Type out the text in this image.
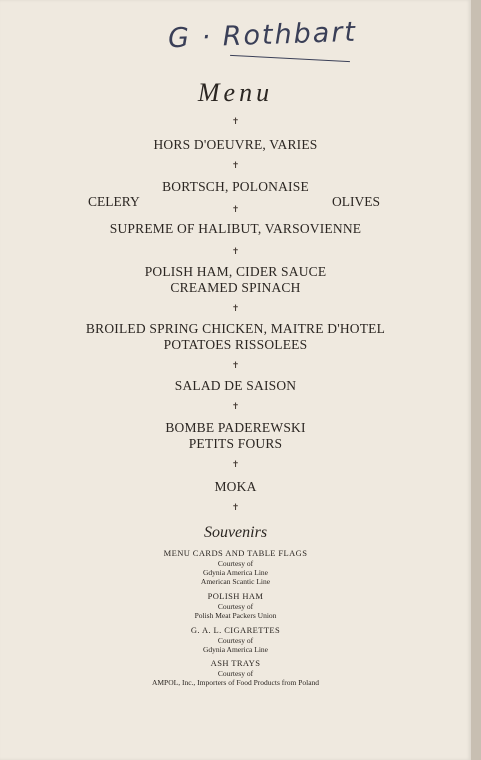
G · Rothbart
Menu
✝
HORS D'OEUVRE, VARIES
✝
BORTSCH, POLONAISE
CELERY	OLIVES
✝
SUPREME OF HALIBUT, VARSOVIENNE
✝
POLISH HAM, CIDER SAUCE
CREAMED SPINACH
✝
BROILED SPRING CHICKEN, MAITRE D'HOTEL
POTATOES RISSOLEES
✝
SALAD DE SAISON
✝
BOMBE PADEREWSKI
PETITS FOURS
✝
MOKA
✝
Souvenirs
MENU CARDS AND TABLE FLAGS
Courtesy of
Gdynia America Line
American Scantic Line
POLISH HAM
Courtesy of
Polish Meat Packers Union
G. A. L. CIGARETTES
Courtesy of
Gdynia America Line
ASH TRAYS
Courtesy of
AMPOL, Inc., Importers of Food Products from Poland
